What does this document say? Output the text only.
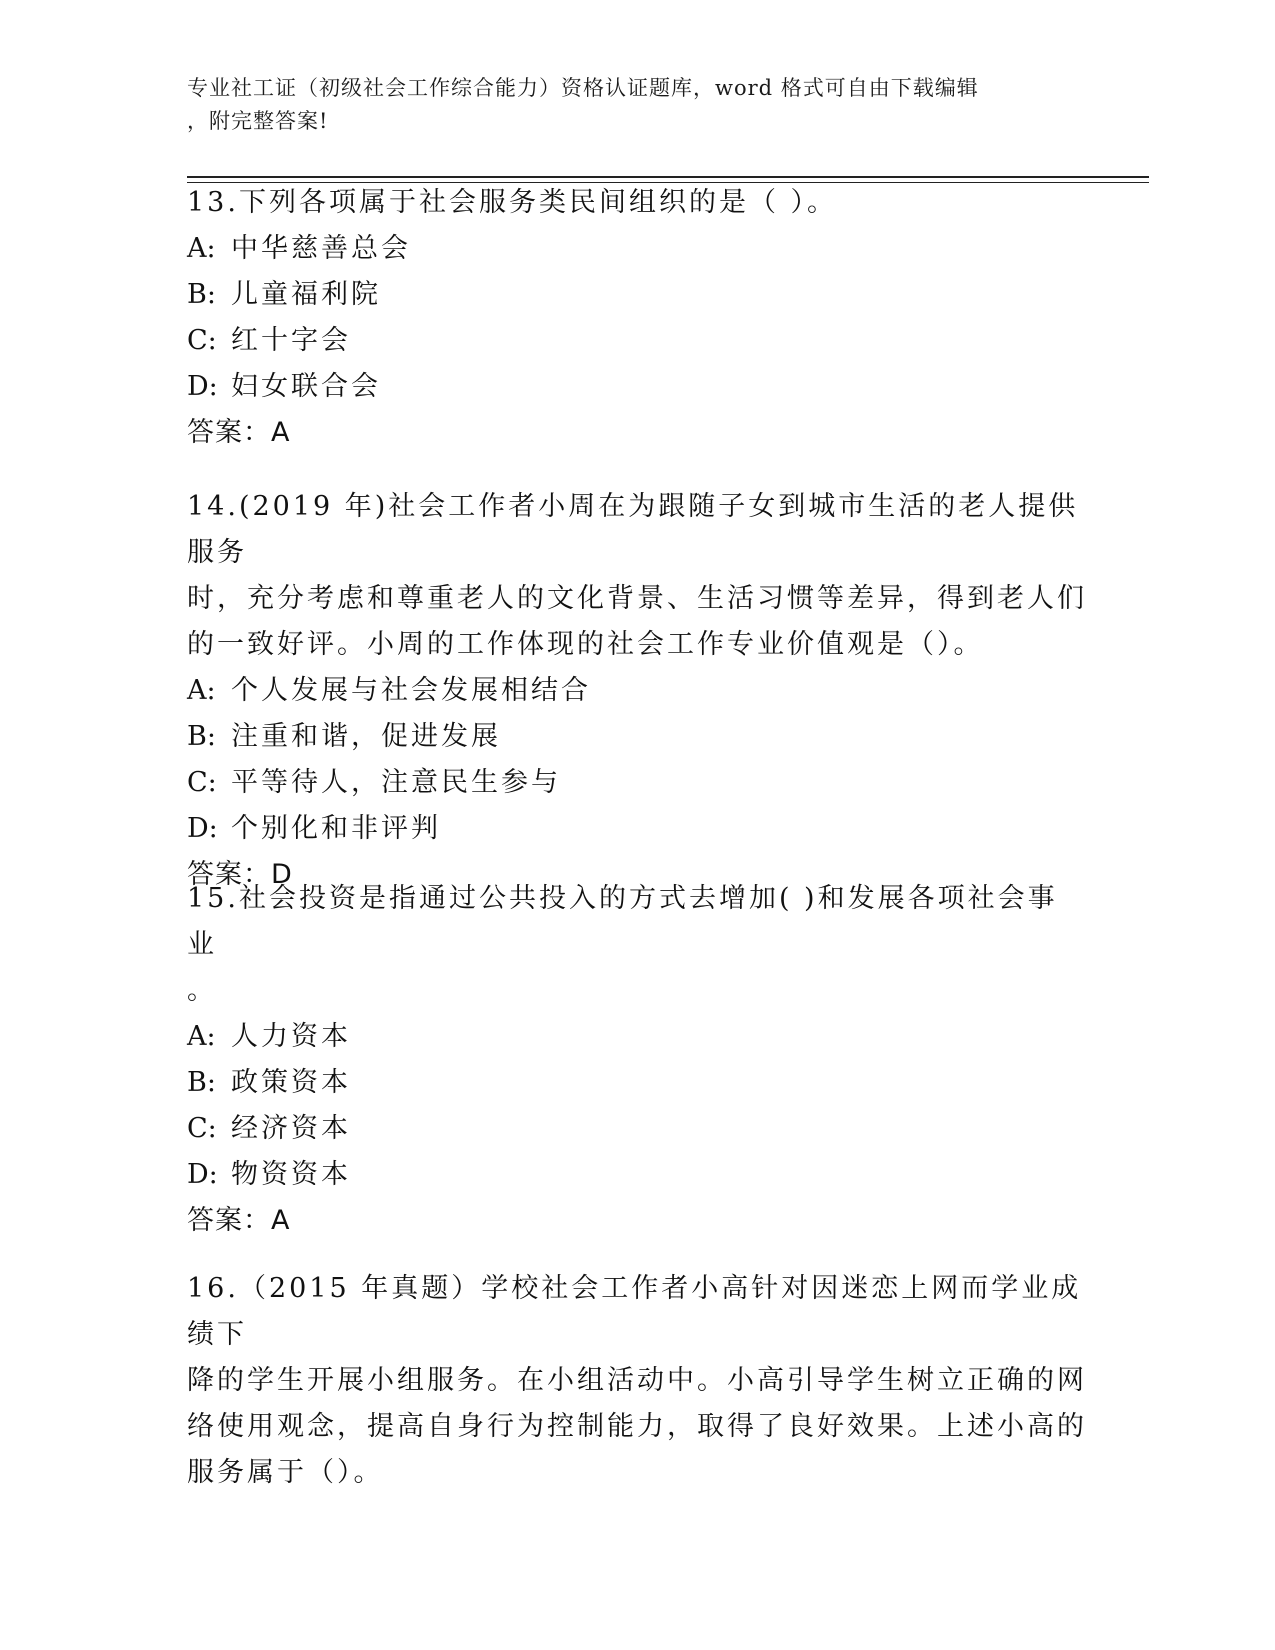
专业社工证（初级社会工作综合能力）资格认证题库，word 格式可自由下载编辑
，附完整答案!

13.下列各项属于社会服务类民间组织的是（ ）。

A: 中华慈善总会

B: 儿童福利院

C: 红十字会

D: 妇女联合会

答案：A

14.(2019 年)社会工作者小周在为跟随子女到城市生活的老人提供服务

时，充分考虑和尊重老人的文化背景、生活习惯等差异，得到老人们

的一致好评。小周的工作体现的社会工作专业价值观是（）。

A: 个人发展与社会发展相结合

B: 注重和谐，促进发展

C: 平等待人，注意民生参与

D: 个别化和非评判

答案：D

15.社会投资是指通过公共投入的方式去增加( )和发展各项社会事业

。

A: 人力资本

B: 政策资本

C: 经济资本

D: 物资资本

答案：A

16.（2015 年真题）学校社会工作者小高针对因迷恋上网而学业成绩下

降的学生开展小组服务。在小组活动中。小高引导学生树立正确的网

络使用观念，提高自身行为控制能力，取得了良好效果。上述小高的

服务属于（）。
